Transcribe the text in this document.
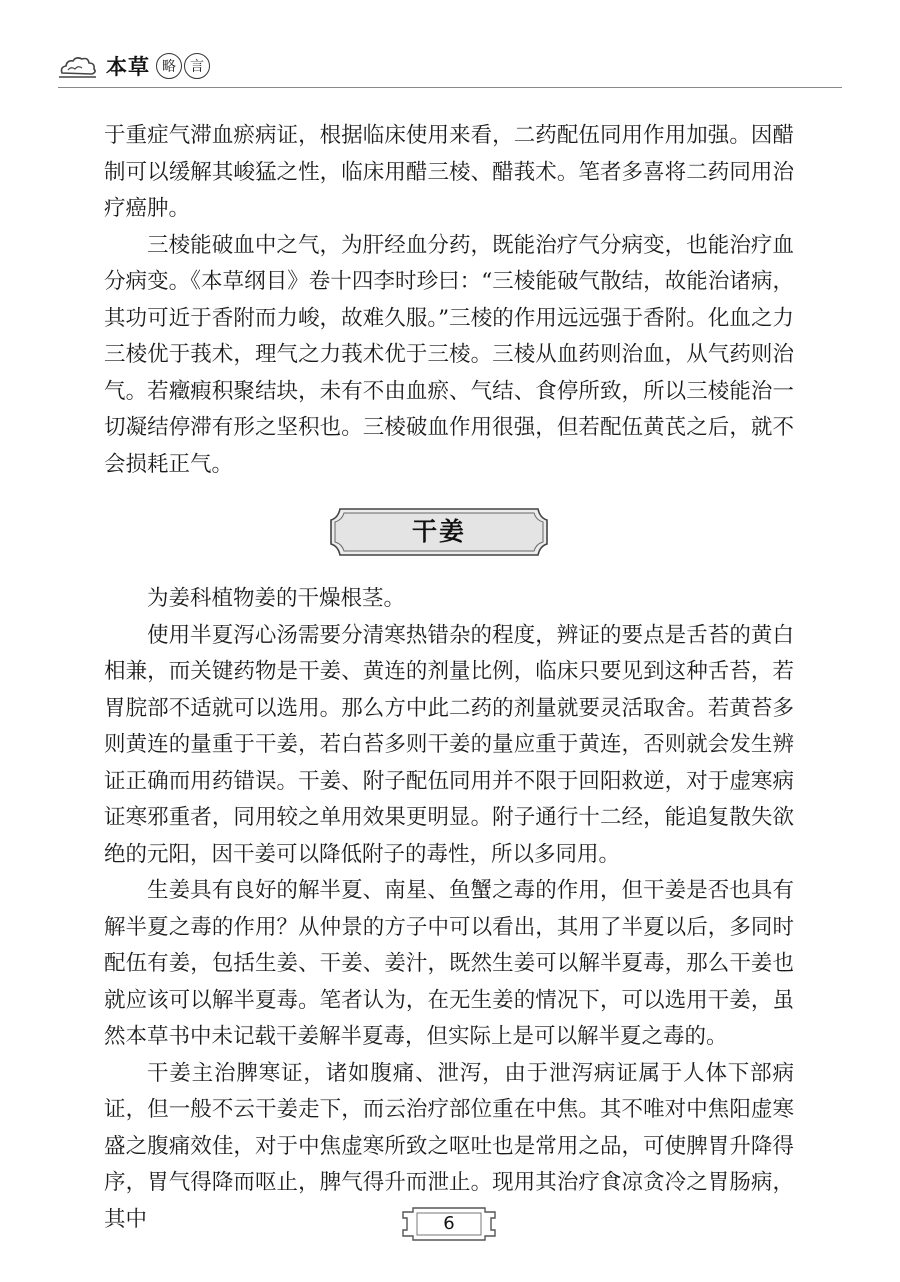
本草 略	言

于重症气滞血瘀病证，根据临床使用来看，二药配伍同用作用加强。因醋制可以缓解其峻猛之性，临床用醋三棱、醋莪术。笔者多喜将二药同用治疗癌肿。

三棱能破血中之气，为肝经血分药，既能治疗气分病变，也能治疗血分病变。《本草纲目》卷十四李时珍曰：“三棱能破气散结，故能治诸病，其功可近于香附而力峻，故难久服。”三棱的作用远远强于香附。化血之力三棱优于莪术，理气之力莪术优于三棱。三棱从血药则治血，从气药则治气。若癥瘕积聚结块，未有不由血瘀、气结、食停所致，所以三棱能治一切凝结停滞有形之坚积也。三棱破血作用很强，但若配伍黄芪之后，就不会损耗正气。

干姜

为姜科植物姜的干燥根茎。

使用半夏泻心汤需要分清寒热错杂的程度，辨证的要点是舌苔的黄白相兼，而关键药物是干姜、黄连的剂量比例，临床只要见到这种舌苔，若胃脘部不适就可以选用。那么方中此二药的剂量就要灵活取舍。若黄苔多则黄连的量重于干姜，若白苔多则干姜的量应重于黄连，否则就会发生辨证正确而用药错误。干姜、附子配伍同用并不限于回阳救逆，对于虚寒病证寒邪重者，同用较之单用效果更明显。附子通行十二经，能追复散失欲绝的元阳，因干姜可以降低附子的毒性，所以多同用。

生姜具有良好的解半夏、南星、鱼蟹之毒的作用，但干姜是否也具有解半夏之毒的作用？从仲景的方子中可以看出，其用了半夏以后，多同时配伍有姜，包括生姜、干姜、姜汁，既然生姜可以解半夏毒，那么干姜也就应该可以解半夏毒。笔者认为，在无生姜的情况下，可以选用干姜，虽然本草书中未记载干姜解半夏毒，但实际上是可以解半夏之毒的。

干姜主治脾寒证，诸如腹痛、泄泻，由于泄泻病证属于人体下部病证，但一般不云干姜走下，而云治疗部位重在中焦。其不唯对中焦阳虚寒盛之腹痛效佳，对于中焦虚寒所致之呕吐也是常用之品，可使脾胃升降得序，胃气得降而呕止，脾气得升而泄止。现用其治疗食凉贪冷之胃肠病，其中	6
